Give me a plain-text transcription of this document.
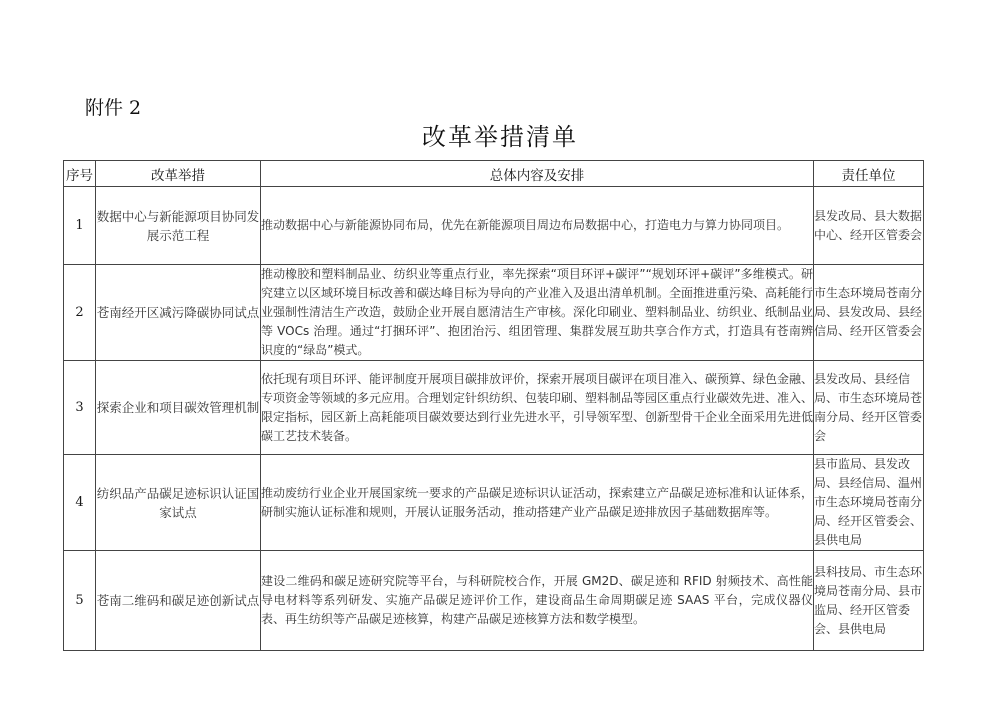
附件 2
改革举措清单
序号	改革举措	总体内容及安排	责任单位
1	数据中心与新能源项目协同发展示范工程	推动数据中心与新能源协同布局，优先在新能源项目周边布局数据中心，打造电力与算力协同项目。	县发改局、县大数据中心、经开区管委会
2	苍南经开区减污降碳协同试点	推动橡胶和塑料制品业、纺织业等重点行业，率先探索“项目环评+碳评”“规划环评+碳评”多维模式。研究建立以区域环境目标改善和碳达峰目标为导向的产业准入及退出清单机制。全面推进重污染、高耗能行业强制性清洁生产改造，鼓励企业开展自愿清洁生产审核。深化印刷业、塑料制品业、纺织业、纸制品业等 VOCs 治理。通过“打捆环评”、抱团治污、组团管理、集群发展互助共享合作方式，打造具有苍南辨识度的“绿岛”模式。	市生态环境局苍南分局、县发改局、县经信局、经开区管委会
3	探索企业和项目碳效管理机制	依托现有项目环评、能评制度开展项目碳排放评价，探索开展项目碳评在项目准入、碳预算、绿色金融、专项资金等领域的多元应用。合理划定针织纺织、包装印刷、塑料制品等园区重点行业碳效先进、准入、限定指标，园区新上高耗能项目碳效要达到行业先进水平，引导领军型、创新型骨干企业全面采用先进低碳工艺技术装备。	县发改局、县经信局、市生态环境局苍南分局、经开区管委会
4	纺织品产品碳足迹标识认证国家试点	推动废纺行业企业开展国家统一要求的产品碳足迹标识认证活动，探索建立产品碳足迹标准和认证体系，研制实施认证标准和规则，开展认证服务活动，推动搭建产业产品碳足迹排放因子基础数据库等。	县市监局、县发改局、县经信局、温州市生态环境局苍南分局、经开区管委会、县供电局
5	苍南二维码和碳足迹创新试点	建设二维码和碳足迹研究院等平台，与科研院校合作，开展 GM2D、碳足迹和 RFID 射频技术、高性能导电材料等系列研发、实施产品碳足迹评价工作，建设商品生命周期碳足迹 SAAS 平台，完成仪器仪表、再生纺织等产品碳足迹核算，构建产品碳足迹核算方法和数学模型。	县科技局、市生态环境局苍南分局、县市监局、经开区管委会、县供电局
